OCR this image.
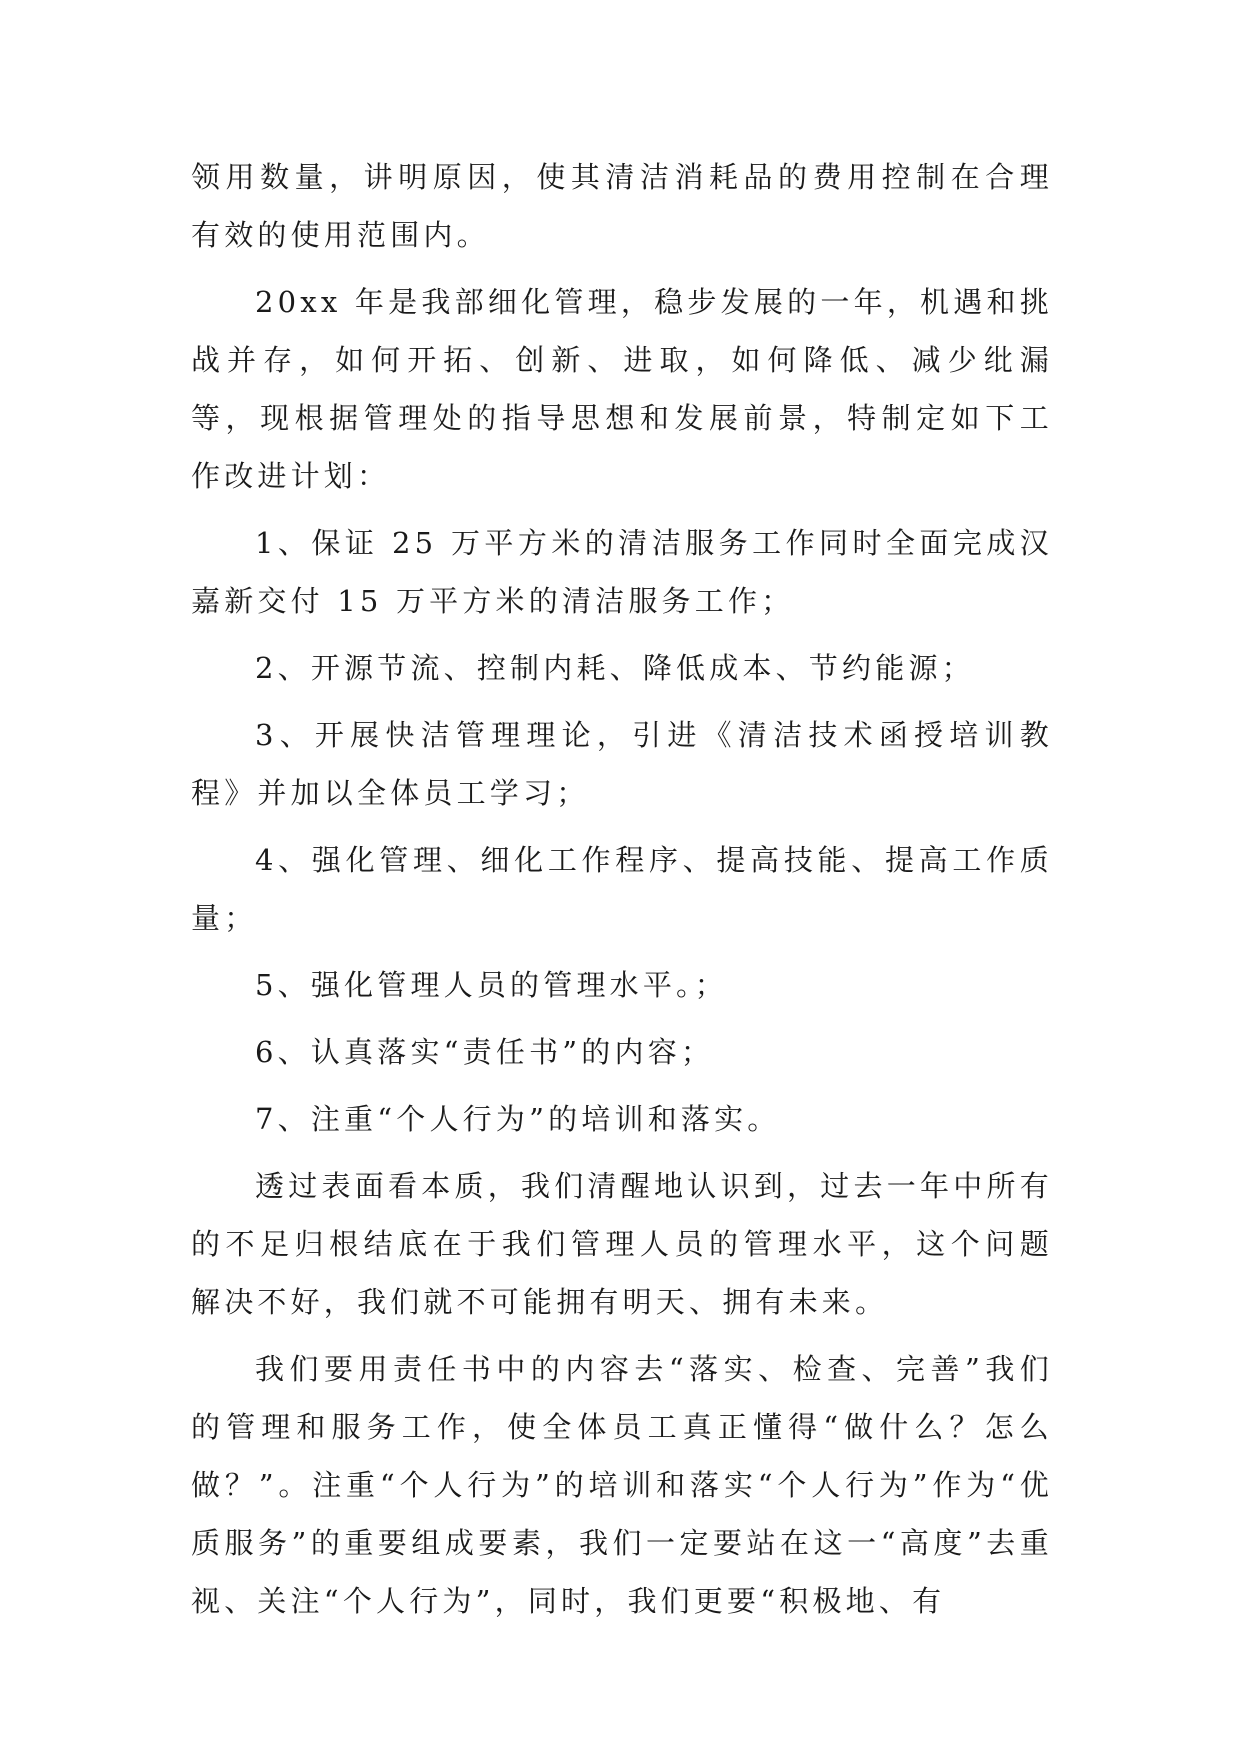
领用数量，讲明原因，使其清洁消耗品的费用控制在合理有效的使用范围内。

20xx 年是我部细化管理，稳步发展的一年，机遇和挑战并存，如何开拓、创新、进取，如何降低、减少纰漏等，现根据管理处的指导思想和发展前景，特制定如下工作改进计划：

1、保证 25 万平方米的清洁服务工作同时全面完成汉嘉新交付 15 万平方米的清洁服务工作；

2、开源节流、控制内耗、降低成本、节约能源；

3、开展快洁管理理论，引进《清洁技术函授培训教程》并加以全体员工学习；

4、强化管理、细化工作程序、提高技能、提高工作质量；

5、强化管理人员的管理水平。；

6、认真落实“责任书”的内容；

7、注重“个人行为”的培训和落实。

透过表面看本质，我们清醒地认识到，过去一年中所有的不足归根结底在于我们管理人员的管理水平，这个问题解决不好，我们就不可能拥有明天、拥有未来。

我们要用责任书中的内容去“落实、检查、完善”我们的管理和服务工作，使全体员工真正懂得“做什么？怎么做？”。注重“个人行为”的培训和落实“个人行为”作为“优质服务”的重要组成要素，我们一定要站在这一“高度”去重视、关注“个人行为”，同时，我们更要“积极地、有
